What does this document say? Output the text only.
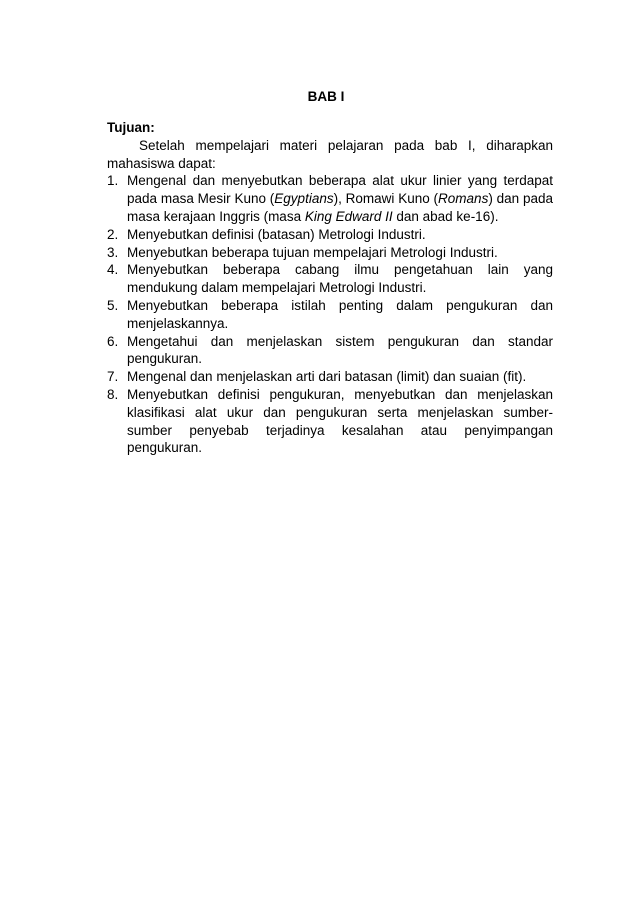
BAB I

Tujuan:

Setelah mempelajari materi pelajaran pada bab I, diharapkan mahasiswa dapat:

1. Mengenal dan menyebutkan beberapa alat ukur linier yang terdapat pada masa Mesir Kuno (Egyptians), Romawi Kuno (Romans) dan pada masa kerajaan Inggris (masa King Edward II dan abad ke-16).
2. Menyebutkan definisi (batasan) Metrologi Industri.
3. Menyebutkan beberapa tujuan mempelajari Metrologi Industri.
4. Menyebutkan beberapa cabang ilmu pengetahuan lain yang mendukung dalam mempelajari Metrologi Industri.
5. Menyebutkan beberapa istilah penting dalam pengukuran dan menjelaskannya.
6. Mengetahui dan menjelaskan sistem pengukuran dan standar pengukuran.
7. Mengenal dan menjelaskan arti dari batasan (limit) dan suaian (fit).
8. Menyebutkan definisi pengukuran, menyebutkan dan menjelaskan klasifikasi alat ukur dan pengukuran serta menjelaskan sumber-sumber penyebab terjadinya kesalahan atau penyimpangan pengukuran.
